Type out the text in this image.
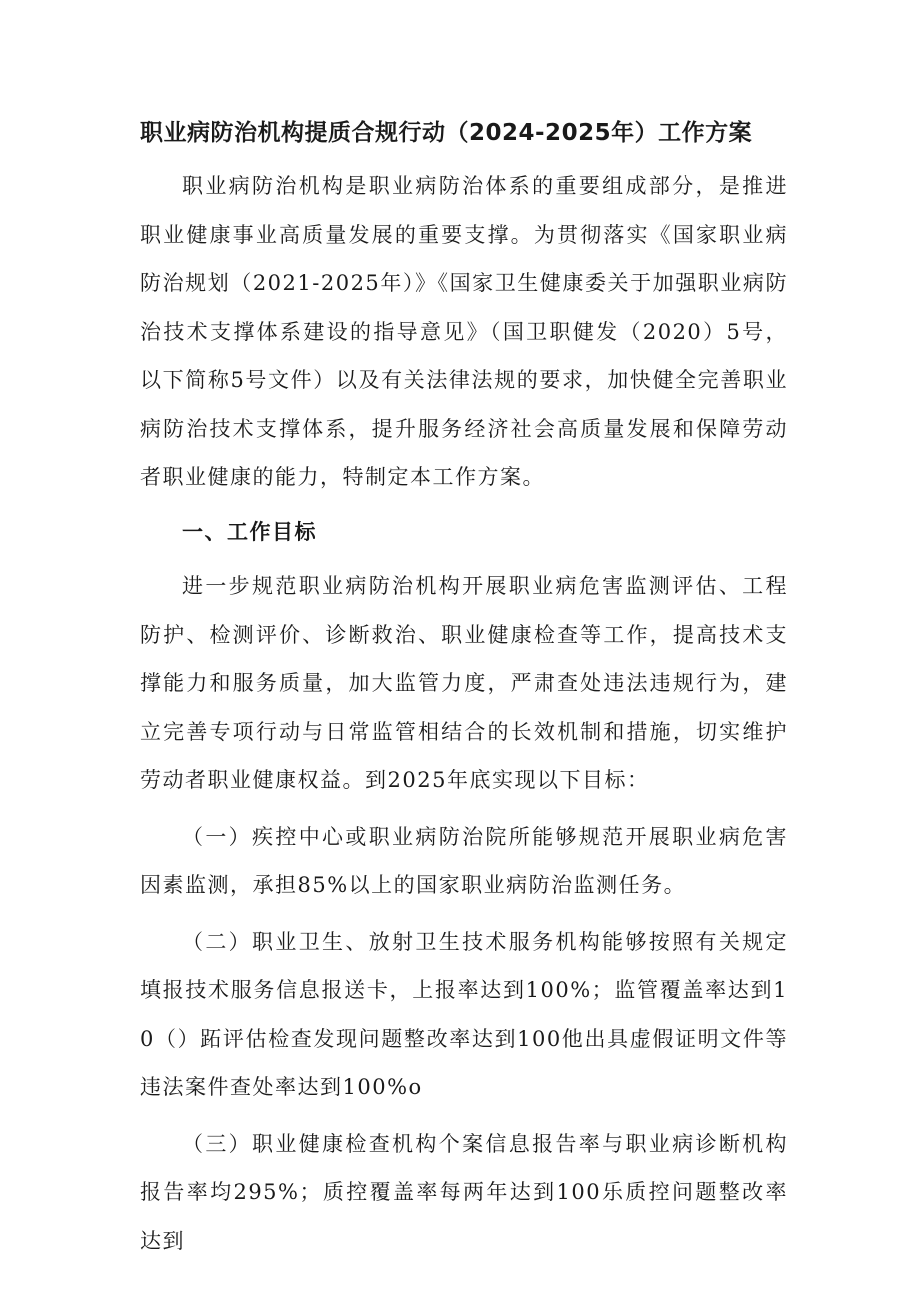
职业病防治机构提质合规行动（2024-2025年）工作方案

职业病防治机构是职业病防治体系的重要组成部分，是推进职业健康事业高质量发展的重要支撑。为贯彻落实《国家职业病防治规划（2021-2025年）》《国家卫生健康委关于加强职业病防治技术支撑体系建设的指导意见》（国卫职健发（2020）5号，以下简称5号文件）以及有关法律法规的要求，加快健全完善职业病防治技术支撑体系，提升服务经济社会高质量发展和保障劳动者职业健康的能力，特制定本工作方案。

一、工作目标

进一步规范职业病防治机构开展职业病危害监测评估、工程防护、检测评价、诊断救治、职业健康检查等工作，提高技术支撑能力和服务质量，加大监管力度，严肃查处违法违规行为，建立完善专项行动与日常监管相结合的长效机制和措施，切实维护劳动者职业健康权益。到2025年底实现以下目标：

（一）疾控中心或职业病防治院所能够规范开展职业病危害因素监测，承担85%以上的国家职业病防治监测任务。

（二）职业卫生、放射卫生技术服务机构能够按照有关规定填报技术服务信息报送卡，上报率达到100%；监管覆盖率达到10（）跖评估检查发现问题整改率达到100他出具虚假证明文件等违法案件查处率达到100%o

（三）职业健康检查机构个案信息报告率与职业病诊断机构报告率均295%；质控覆盖率每两年达到100乐质控问题整改率达到
